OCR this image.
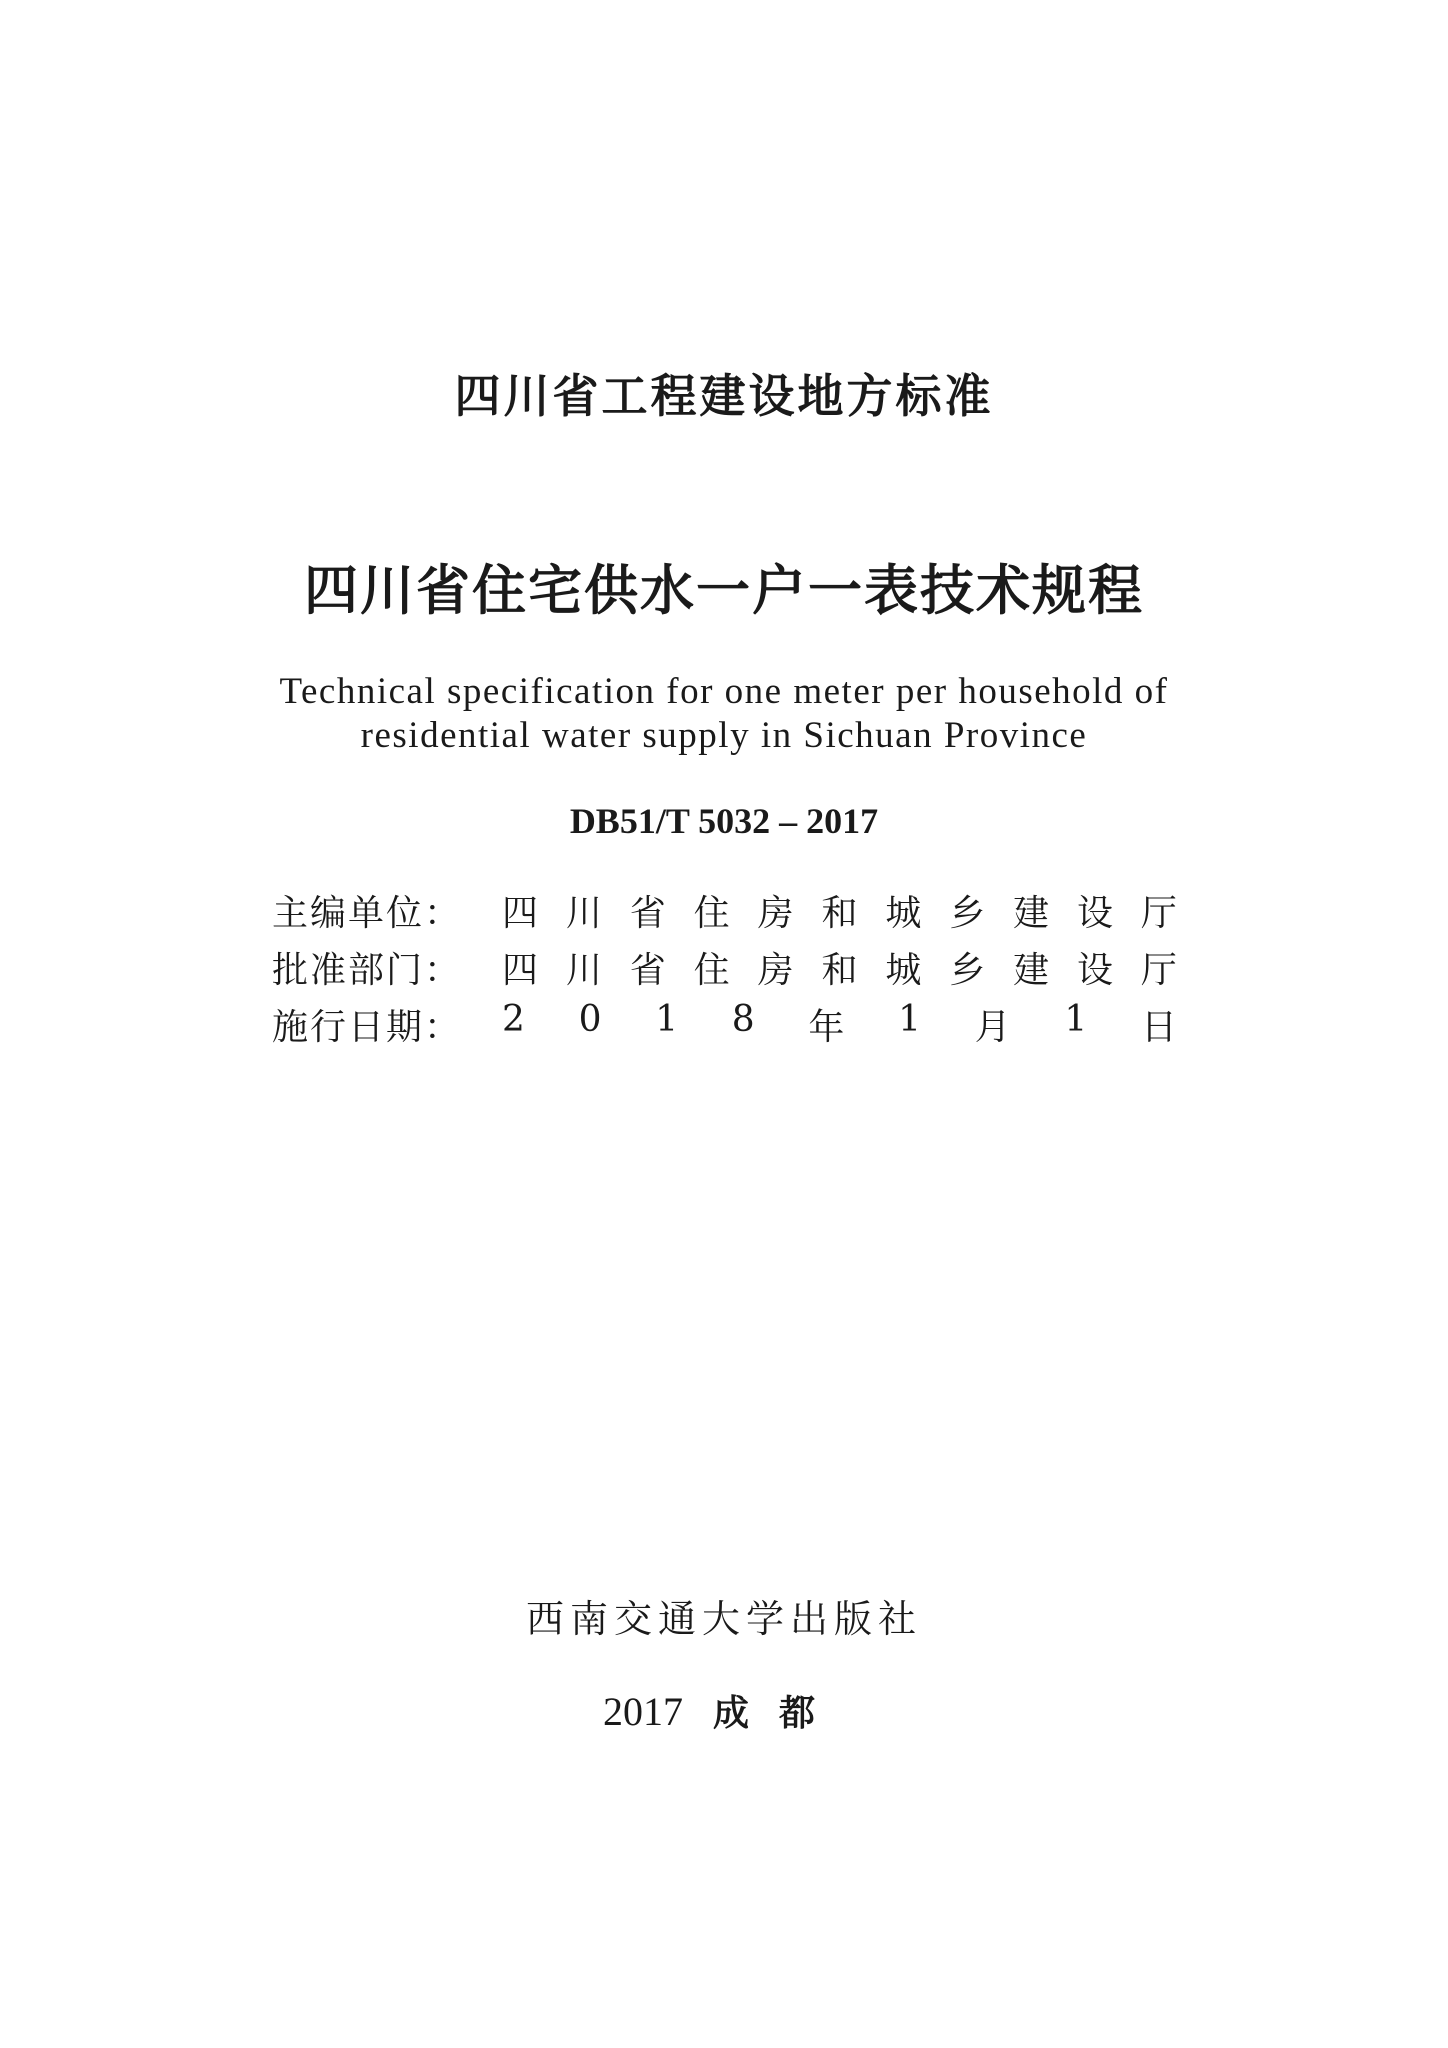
四川省工程建设地方标准
四川省住宅供水一户一表技术规程
Technical specification for one meter per household of
residential water supply in Sichuan Province
DB51/T 5032 – 2017
主编单位：	四 川 省 住 房 和 城 乡 建 设 厅
批准部门：	四 川 省 住 房 和 城 乡 建 设 厅
施行日期：	2 0 1 8 年 1 月 1 日
西南交通大学出版社
2017 成都
